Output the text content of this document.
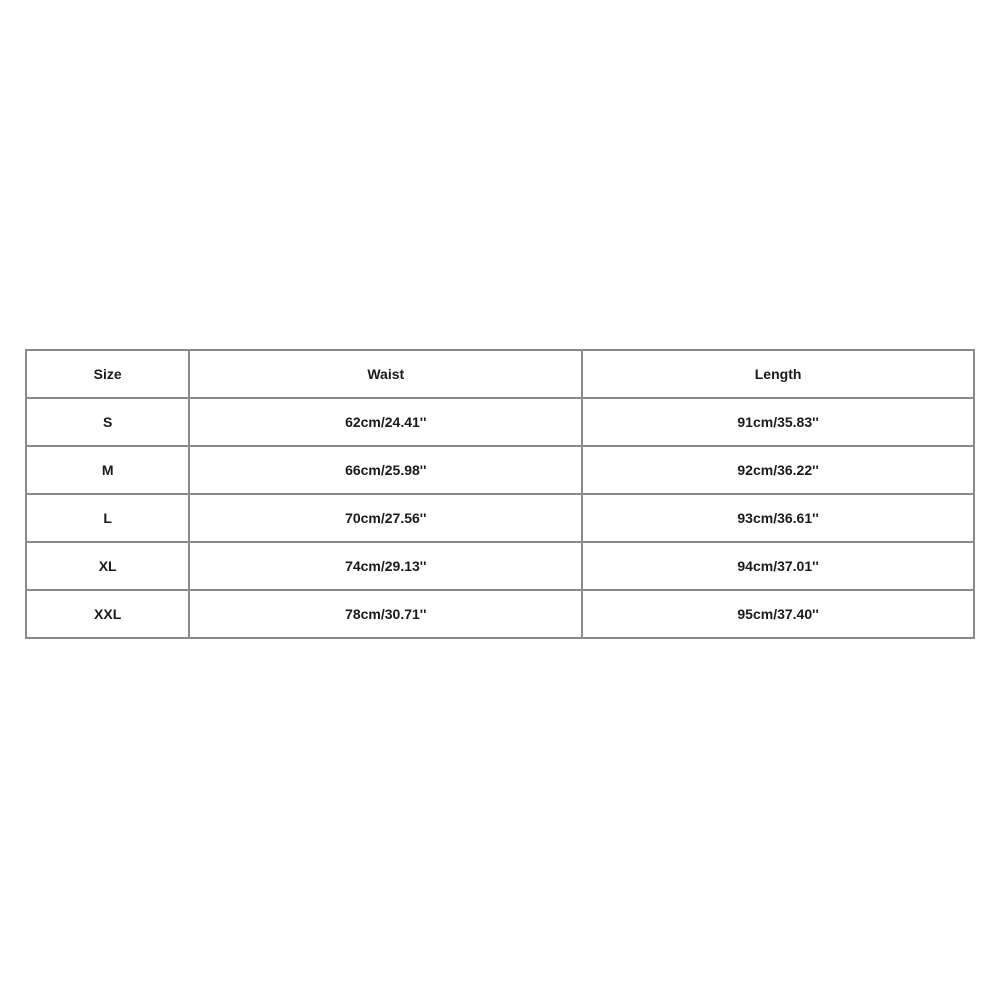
Size	Waist	Length
S	62cm/24.41''	91cm/35.83''
M	66cm/25.98''	92cm/36.22''
L	70cm/27.56''	93cm/36.61''
XL	74cm/29.13''	94cm/37.01''
XXL	78cm/30.71''	95cm/37.40''
